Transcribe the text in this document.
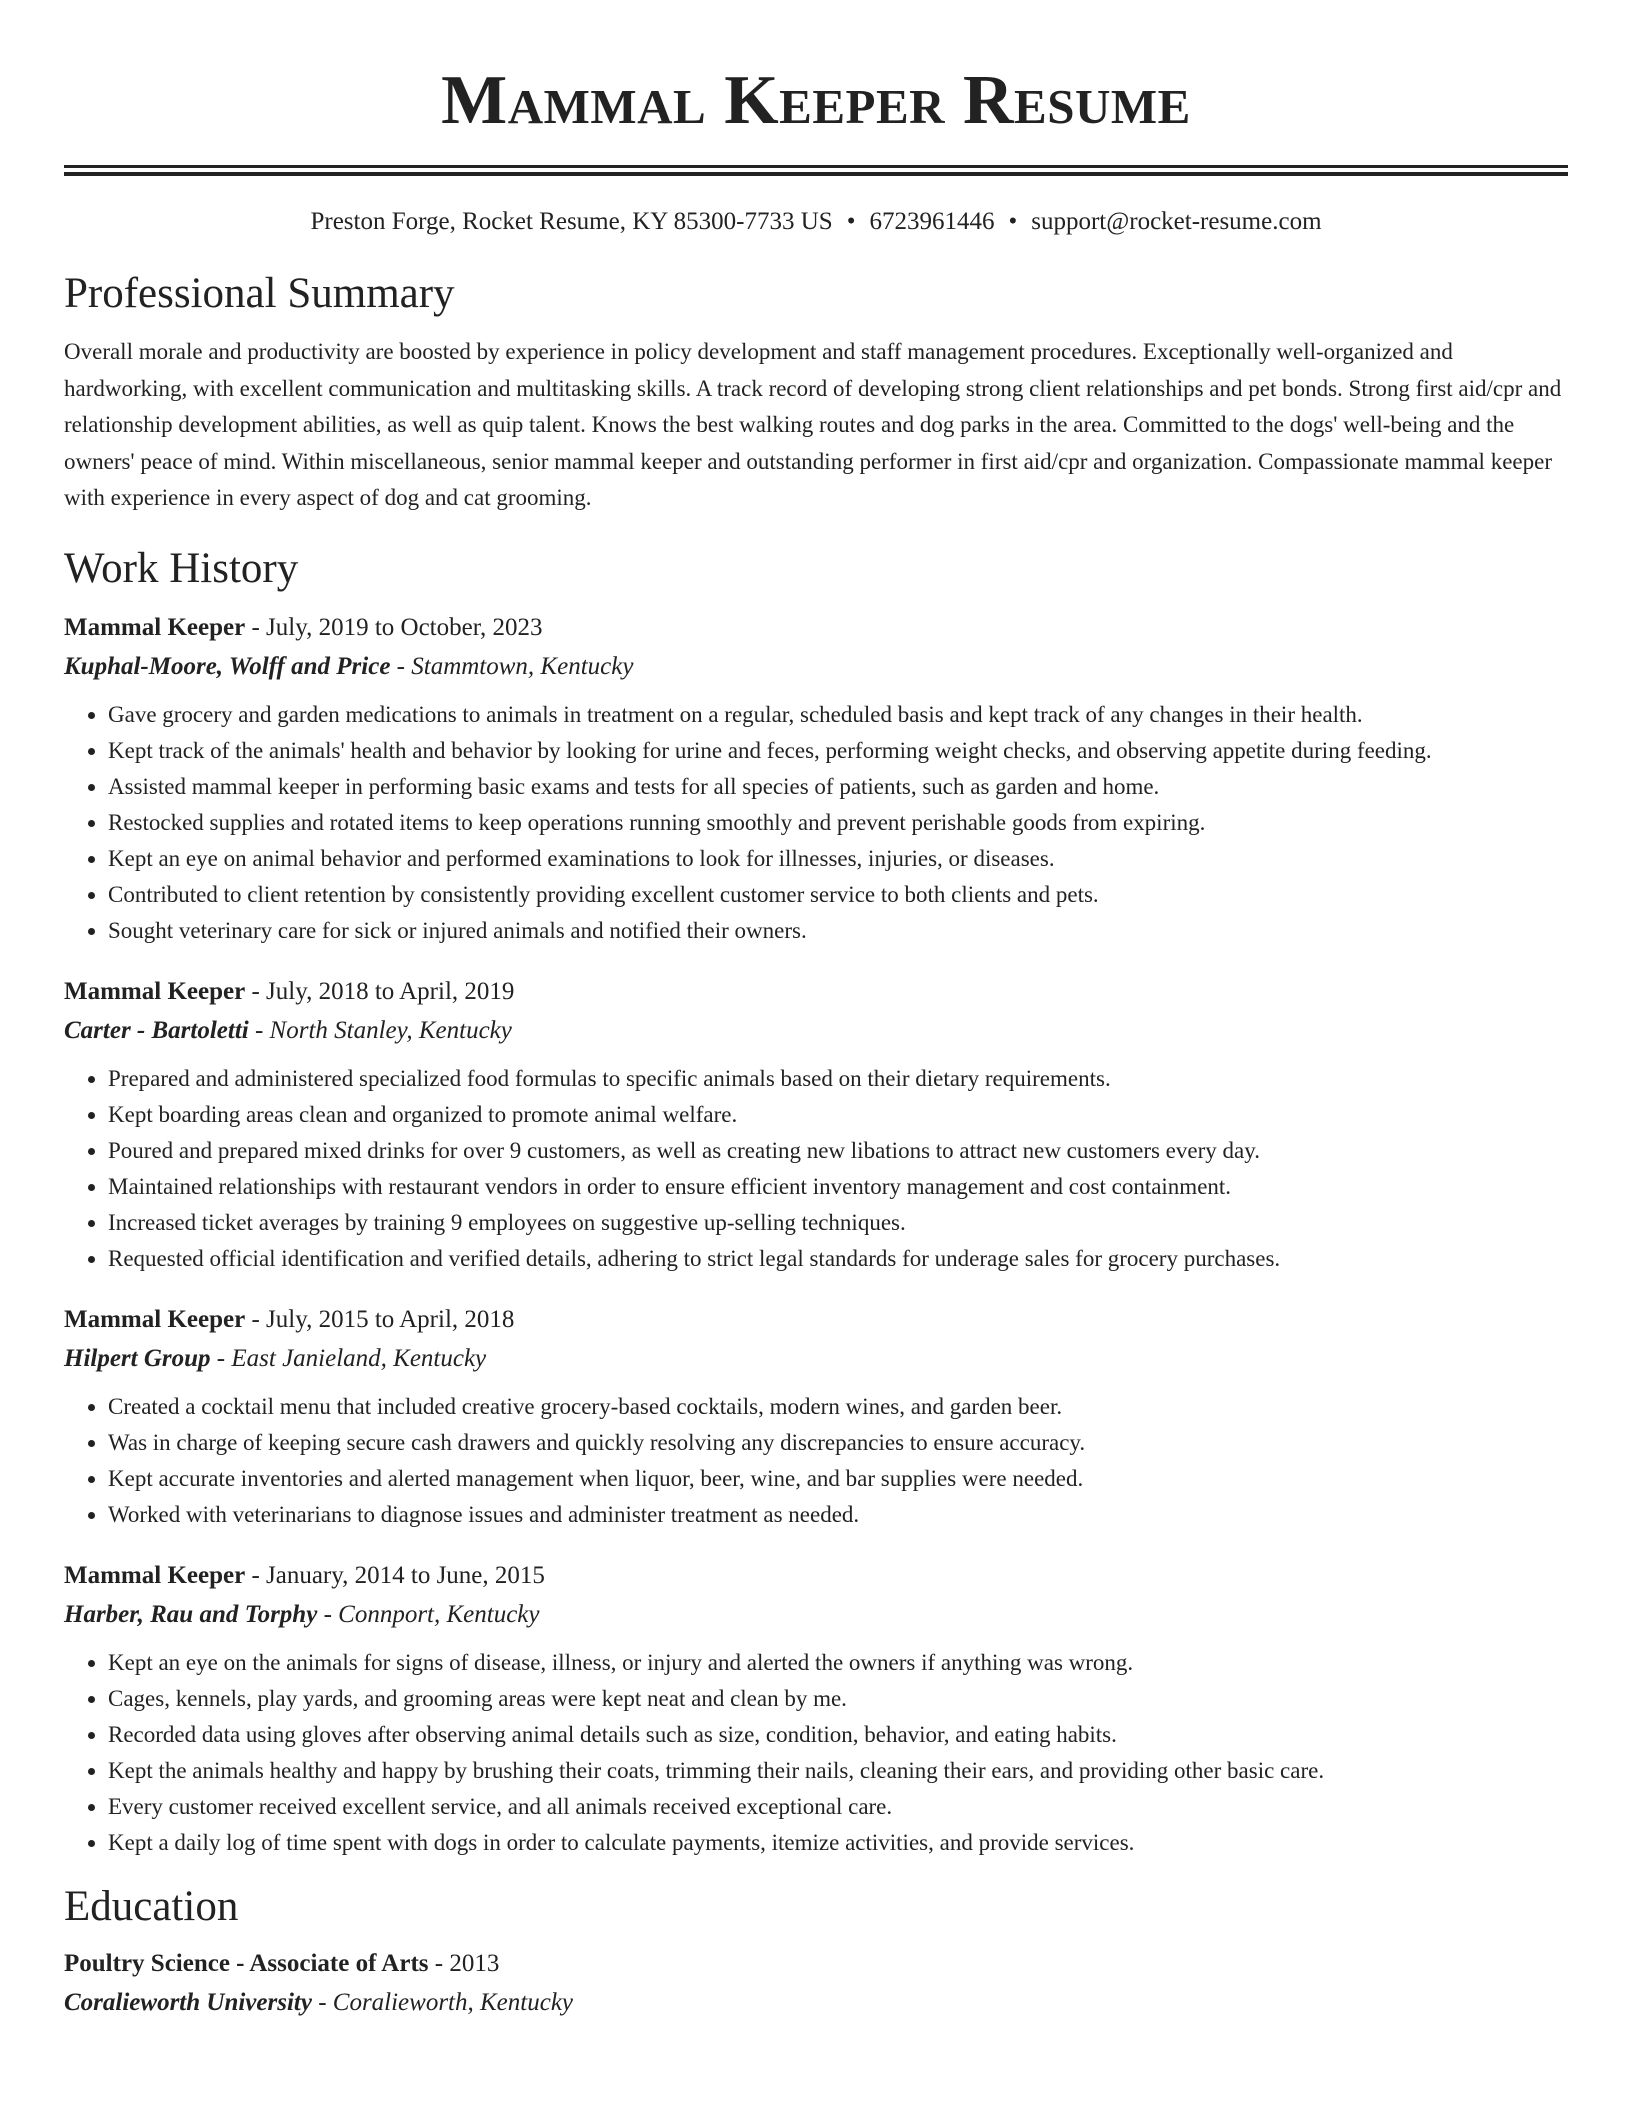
Mammal Keeper Resume
Preston Forge, Rocket Resume, KY 85300-7733 US • 6723961446 • support@rocket-resume.com
Professional Summary
Overall morale and productivity are boosted by experience in policy development and staff management procedures. Exceptionally well-organized and hardworking, with excellent communication and multitasking skills. A track record of developing strong client relationships and pet bonds. Strong first aid/cpr and relationship development abilities, as well as quip talent. Knows the best walking routes and dog parks in the area. Committed to the dogs' well-being and the owners' peace of mind. Within miscellaneous, senior mammal keeper and outstanding performer in first aid/cpr and organization. Compassionate mammal keeper with experience in every aspect of dog and cat grooming.
Work History
Mammal Keeper - July, 2019 to October, 2023
Kuphal-Moore, Wolff and Price - Stammtown, Kentucky
• Gave grocery and garden medications to animals in treatment on a regular, scheduled basis and kept track of any changes in their health.
• Kept track of the animals' health and behavior by looking for urine and feces, performing weight checks, and observing appetite during feeding.
• Assisted mammal keeper in performing basic exams and tests for all species of patients, such as garden and home.
• Restocked supplies and rotated items to keep operations running smoothly and prevent perishable goods from expiring.
• Kept an eye on animal behavior and performed examinations to look for illnesses, injuries, or diseases.
• Contributed to client retention by consistently providing excellent customer service to both clients and pets.
• Sought veterinary care for sick or injured animals and notified their owners.
Mammal Keeper - July, 2018 to April, 2019
Carter - Bartoletti - North Stanley, Kentucky
• Prepared and administered specialized food formulas to specific animals based on their dietary requirements.
• Kept boarding areas clean and organized to promote animal welfare.
• Poured and prepared mixed drinks for over 9 customers, as well as creating new libations to attract new customers every day.
• Maintained relationships with restaurant vendors in order to ensure efficient inventory management and cost containment.
• Increased ticket averages by training 9 employees on suggestive up-selling techniques.
• Requested official identification and verified details, adhering to strict legal standards for underage sales for grocery purchases.
Mammal Keeper - July, 2015 to April, 2018
Hilpert Group - East Janieland, Kentucky
• Created a cocktail menu that included creative grocery-based cocktails, modern wines, and garden beer.
• Was in charge of keeping secure cash drawers and quickly resolving any discrepancies to ensure accuracy.
• Kept accurate inventories and alerted management when liquor, beer, wine, and bar supplies were needed.
• Worked with veterinarians to diagnose issues and administer treatment as needed.
Mammal Keeper - January, 2014 to June, 2015
Harber, Rau and Torphy - Connport, Kentucky
• Kept an eye on the animals for signs of disease, illness, or injury and alerted the owners if anything was wrong.
• Cages, kennels, play yards, and grooming areas were kept neat and clean by me.
• Recorded data using gloves after observing animal details such as size, condition, behavior, and eating habits.
• Kept the animals healthy and happy by brushing their coats, trimming their nails, cleaning their ears, and providing other basic care.
• Every customer received excellent service, and all animals received exceptional care.
• Kept a daily log of time spent with dogs in order to calculate payments, itemize activities, and provide services.
Education
Poultry Science - Associate of Arts - 2013
Coralieworth University - Coralieworth, Kentucky
